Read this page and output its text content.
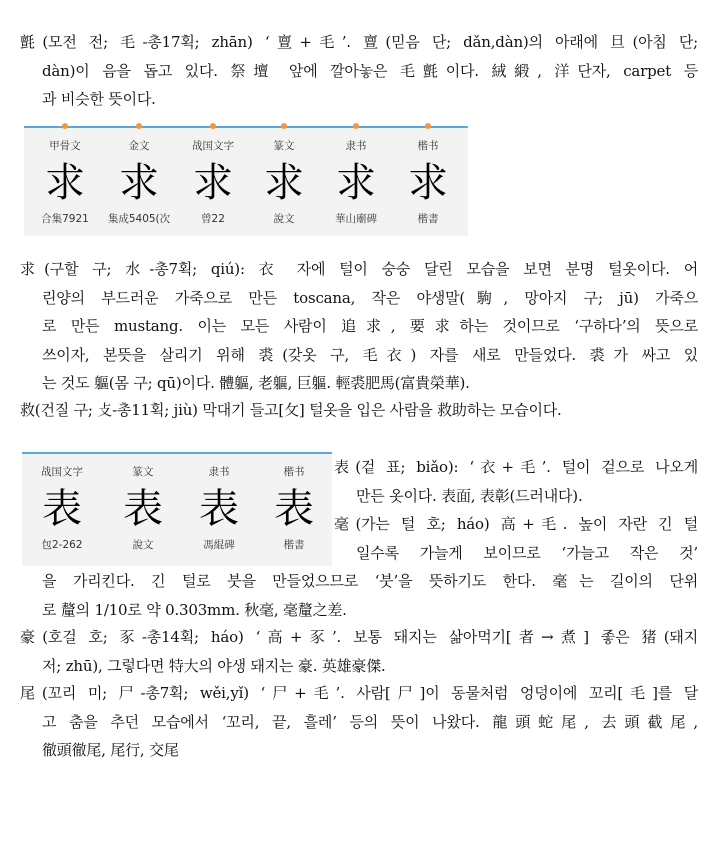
氈(모전 전; 毛-총17획; zhān) ‘亶+毛’. 亶(믿음 단; dǎn,dàn)의 아래에 旦(아침 단;
dàn)이 음을 돕고 있다. 祭壇 앞에 깔아놓은 毛氈이다. 絨緞, 洋단자, carpet 등
과 비슷한 뜻이다.
甲骨文
求
合集7921
金文
求
集成5405(次
战国文字
求
曾22
篆文
求
說文
隶书
求
華山廟碑
楷书
求
楷書
求(구할 구; 水-총7획; qiú): 衣 자에 털이 숭숭 달린 모습을 보면 분명 털옷이다. 어
린양의 부드러운 가죽으로 만든 toscana, 작은 야생말(駒, 망아지 구; jū) 가죽으
로 만든 mustang. 이는 모든 사람이 追求, 要求하는 것이므로 ‘구하다’의 뜻으로
쓰이자, 본뜻을 살리기 위해 裘(갖옷 구, 毛衣) 자를 새로 만들었다. 裘가 싸고 있
는 것도 軀(몸 구; qū)이다. 體軀, 老軀, 巨軀. 輕裘肥馬(富貴榮華).
救(건질 구; 攴-총11획; jiù) 막대기 들고[攵] 털옷을 입은 사람을 救助하는 모습이다.
战国文字
表
包2-262
篆文
表
說文
隶书
表
馮緄碑
楷书
表
楷書
表(겉 표; biǎo): ‘衣+毛’. 털이 겉으로 나오게
만든 옷이다. 表面, 表彰(드러내다).
毫(가는 털 호; háo) 高+毛. 높이 자란 긴 털
일수록 가늘게 보이므로 ‘가늘고 작은 것’
을 가리킨다. 긴 털로 붓을 만들었으므로 ‘붓’을 뜻하기도 한다. 毫는 길이의 단위
로 釐의 1/10로 약 0.303mm. 秋毫, 毫釐之差.
豪(호걸 호; 豕-총14획; háo) ‘高+豕’. 보통 돼지는 삶아먹기[者→煮] 좋은 猪(돼지
저; zhū), 그렇다면 特大의 야생 돼지는 豪. 英雄豪傑.
尾(꼬리 미; 尸-총7획; wěi,yǐ) ‘尸+毛’. 사람[尸]이 동물처럼 엉덩이에 꼬리[毛]를 달
고 춤을 추던 모습에서 ‘꼬리, 끝, 흘레’ 등의 뜻이 나왔다. 龍頭蛇尾, 去頭截尾,
徹頭徹尾, 尾行, 交尾
